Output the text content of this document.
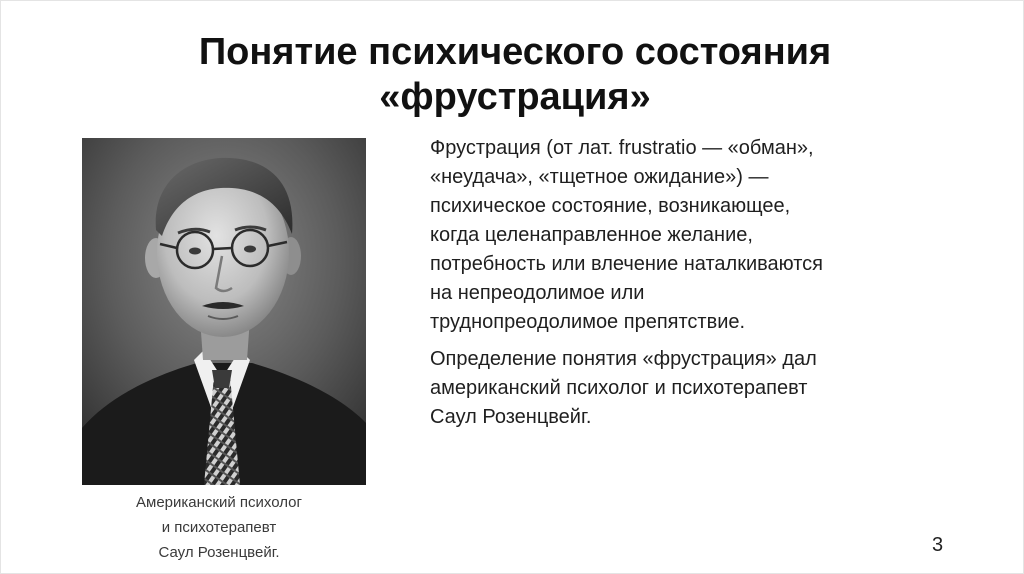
Понятие психического состояния
«фрустрация»
Американский психолог
и психотерапевт
Саул Розенцвейг.

Фрустрация (от лат. frustratio — «обман»,
«неудача», «тщетное ожидание») —
психическое состояние, возникающее,
когда целенаправленное желание,
потребность или влечение наталкиваются
на непреодолимое или
труднопреодолимое препятствие.

Определение понятия «фрустрация» дал
американский психолог и психотерапевт
Саул Розенцвейг.

3
